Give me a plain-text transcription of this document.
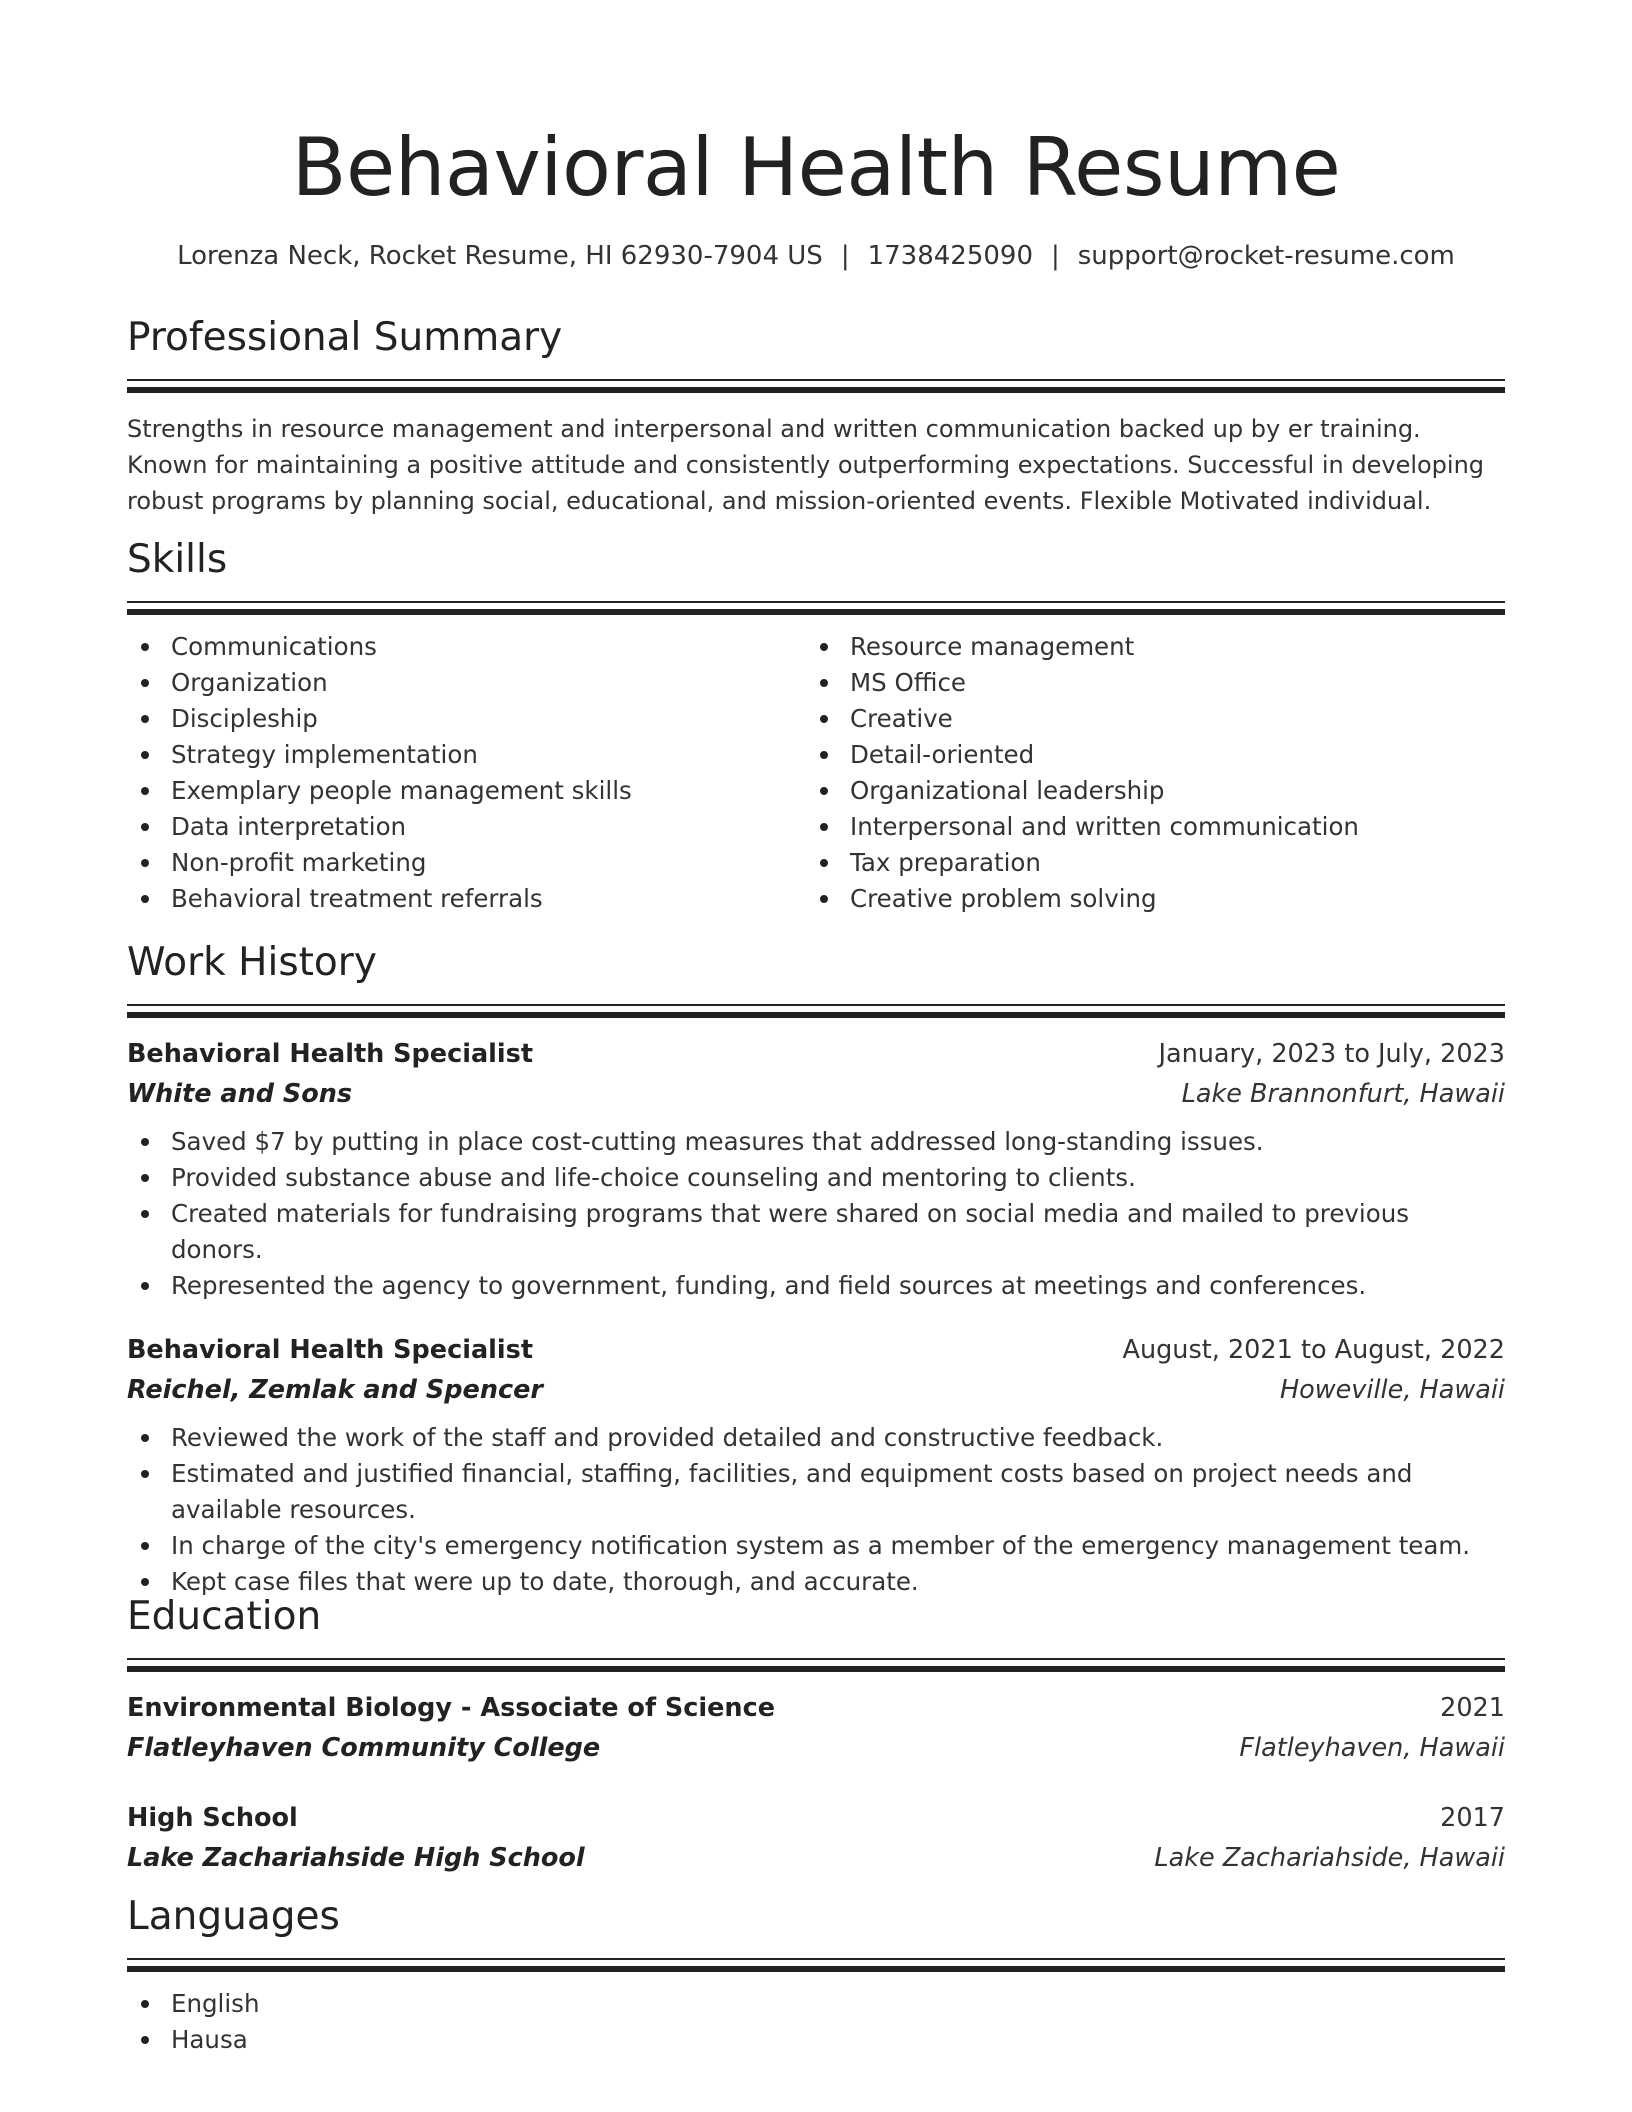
Behavioral Health Resume
Lorenza Neck, Rocket Resume, HI 62930-7904 US | 1738425090 | support@rocket-resume.com
Professional Summary

Strengths in resource management and interpersonal and written communication backed up by er training. Known for maintaining a positive attitude and consistently outperforming expectations. Successful in developing robust programs by planning social, educational, and mission-oriented events. Flexible Motivated individual.

Skills
Communications
Organization
Discipleship
Strategy implementation
Exemplary people management skills
Data interpretation
Non-profit marketing
Behavioral treatment referrals
Resource management
MS Office
Creative
Detail-oriented
Organizational leadership
Interpersonal and written communication
Tax preparation
Creative problem solving
Work History
Behavioral Health Specialist	January, 2023 to July, 2023
White and Sons	Lake Brannonfurt, Hawaii
Saved $7 by putting in place cost-cutting measures that addressed long-standing issues.
Provided substance abuse and life-choice counseling and mentoring to clients.
Created materials for fundraising programs that were shared on social media and mailed to previous donors.
Represented the agency to government, funding, and field sources at meetings and conferences.
Behavioral Health Specialist	August, 2021 to August, 2022
Reichel, Zemlak and Spencer	Howeville, Hawaii
Reviewed the work of the staff and provided detailed and constructive feedback.
Estimated and justified financial, staffing, facilities, and equipment costs based on project needs and available resources.
In charge of the city's emergency notification system as a member of the emergency management team.
Kept case files that were up to date, thorough, and accurate.
Education
Environmental Biology - Associate of Science	2021
Flatleyhaven Community College	Flatleyhaven, Hawaii
High School	2017
Lake Zachariahside High School	Lake Zachariahside, Hawaii
Languages
English
Hausa
